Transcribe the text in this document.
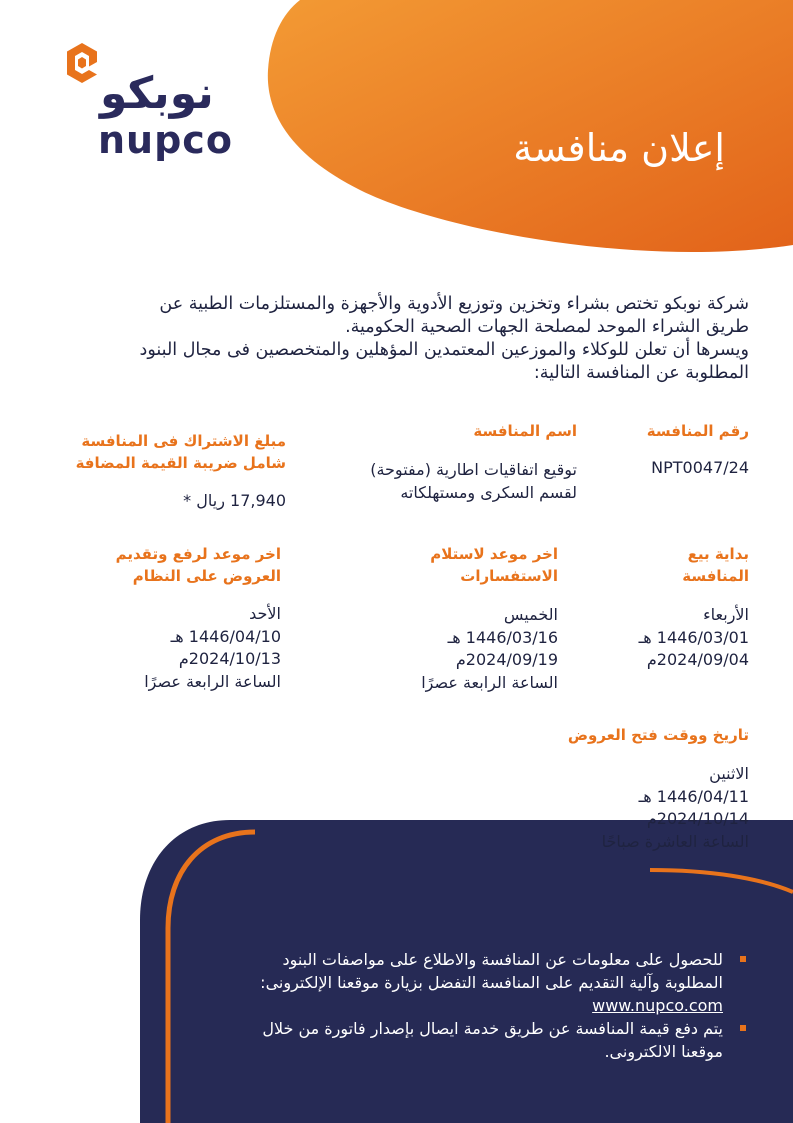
نوبكو
nupco	إعلان منافسة
شركة نوبكو تختص بشراء وتخزين وتوزيع الأدوية والأجهزة والمستلزمات الطبية عن
طريق الشراء الموحد لمصلحة الجهات الصحية الحكومية.
ويسرها أن تعلن للوكلاء والموزعين المعتمدين المؤهلين والمتخصصين فى مجال البنود
المطلوبة عن المنافسة التالية:
رقم المنافسة
NPT0047/24
اسم المنافسة
توقيع اتفاقيات اطارية (مفتوحة)
لقسم السكرى ومستهلكاته
مبلغ الاشتراك فى المنافسة
شامل ضريبة القيمة المضافة
17,940 ريال *
بداية بيع
المنافسة
الأربعاء
1446/03/01 هـ
2024/09/04م
اخر موعد لاستلام
الاستفسارات
الخميس
1446/03/16 هـ
2024/09/19م
الساعة الرابعة عصرًا
اخر موعد لرفع وتقديم
العروض على النظام
الأحد
1446/04/10 هـ
2024/10/13م
الساعة الرابعة عصرًا
تاريخ ووقت فتح العروض
الاثنين
1446/04/11 هـ
2024/10/14م
الساعة العاشرة صباحًا
للحصول على معلومات عن المنافسة والاطلاع على مواصفات البنود
المطلوبة وآلية التقديم على المنافسة التفضل بزيارة موقعنا الإلكترونى:
www.nupco.com
يتم دفع قيمة المنافسة عن طريق خدمة ايصال بإصدار فاتورة من خلال
موقعنا الالكترونى.
